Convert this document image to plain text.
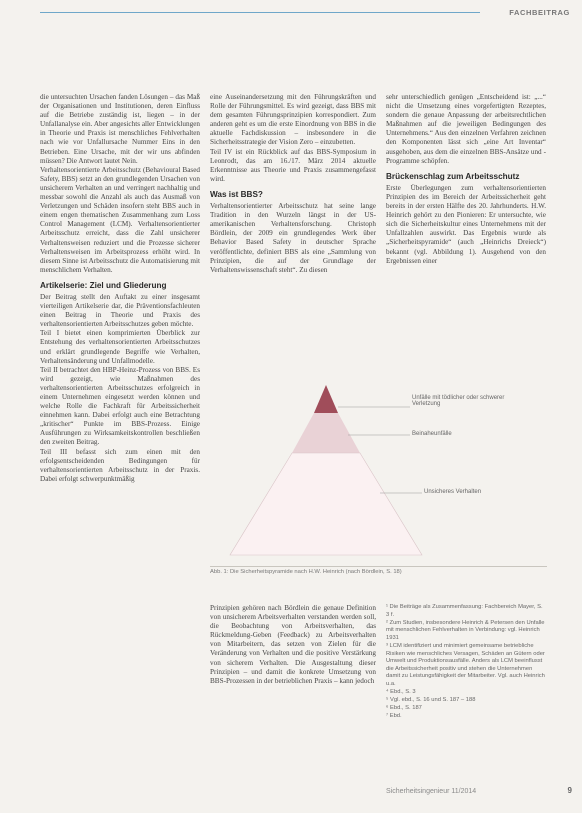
FACHBEITRAG

die untersuchten Ursachen fanden Lösungen – das Maß der Organisationen und Institutionen, deren Einfluss auf die Betriebe zuständig ist, liegen – in der Unfallanalyse ein. Aber angesichts aller Entwicklungen in Theorie und Praxis ist menschliches Fehlverhalten nach wie vor Unfallursache Nummer Eins in den Betrieben. Eine Ursache, mit der wir uns abfinden müssen? Die Antwort lautet Nein.

Verhaltensorientierte Arbeitsschutz (Behavioural Based Safety, BBS) setzt an den grundlegenden Ursachen von unsicherem Verhalten an und verringert nachhaltig und messbar sowohl die Anzahl als auch das Ausmaß von Verletzungen und Schäden insofern steht BBS auch in einem engen thematischen Zusammenhang zum Loss Control Management (LCM). Verhaltensorientierter Arbeitsschutz erreicht, dass die Zahl unsicherer Verhaltensweisen reduziert und die Prozesse sicherer Verhaltensweisen im Arbeitsprozess erhöht wird. In diesem Sinne ist Arbeitsschutz die Automatisierung mit menschlichem Verhalten.

Artikelserie: Ziel und Gliederung

Der Beitrag stellt den Auftakt zu einer insgesamt vierteiligen Artikelserie dar, die Präventionsfachleuten einen Beitrag in Theorie und Praxis des verhaltensorientierten Arbeitsschutzes geben möchte.

Teil I bietet einen komprimierten Überblick zur Entstehung des verhaltensorientierten Arbeitsschutzes und erklärt grundlegende Begriffe wie Verhalten, Verhaltensänderung und Unfallmodelle.

Teil II betrachtet den HBP-Heinz-Prozess von BBS. Es wird gezeigt, wie Maßnahmen des verhaltensorientierten Arbeitsschutzes erfolgreich in einem Unternehmen eingesetzt werden können und welche Rolle die Fachkraft für Arbeitssicherheit einnehmen kann. Dabei erfolgt auch eine Betrachtung „kritischer“ Punkte im BBS-Prozess. Einige Ausführungen zu Wirksamkeitskontrollen beschließen den zweiten Beitrag.

Teil III befasst sich zum einen mit den erfolgsentscheidenden Bedingungen für verhaltensorientierten Arbeitsschutz in der Praxis. Dabei erfolgt schwerpunktmäßig

eine Auseinandersetzung mit den Führungskräften und Rolle der Führungsmittel. Es wird gezeigt, dass BBS mit dem gesamten Führungsprinzipien korrespondiert. Zum anderen geht es um die erste Einordnung von BBS in die aktuelle Fachdiskussion – insbesondere in die Sicherheitsstrategie der Vision Zero – einzubetten.

Teil IV ist ein Rückblick auf das BBS-Symposium in Leonrodt, das am 16./17. März 2014 aktuelle Erkenntnisse aus Theorie und Praxis zusammengefasst wird.

Was ist BBS?

Verhaltensorientierter Arbeitsschutz hat seine lange Tradition in den Wurzeln längst in der US-amerikanischen Verhaltensforschung. Christoph Bördlein, der 2009 ein grundlegendes Werk über Behavior Based Safety in deutscher Sprache veröffentlichte, definiert BBS als eine „Sammlung von Prinzipien, die auf der Grundlage der Verhaltenswissenschaft steht“. Zu diesen

sehr unterschiedlich genügen „Entscheidend ist: „...“ nicht die Umsetzung eines vorgefertigten Rezeptes, sondern die genaue Anpassung der arbeitsrechtlichen Maßnahmen auf die jeweiligen Bedingungen des Unternehmens.“ Aus den einzelnen Verfahren zeichnen den Komponenten lässt sich „eine Art Inventar“ ausgehoben, aus dem die einzelnen BBS-Ansätze und -Programme schöpfen.

Brückenschlag zum Arbeitsschutz

Erste Überlegungen zum verhaltensorientierten Prinzipien des im Bereich der Arbeitssicherheit geht bereits in der ersten Hälfte des 20. Jahrhunderts. H.W. Heinrich gehört zu den Pionieren: Er untersuchte, wie sich die Sicherheitskultur eines Unternehmens mit der Unfallzahlen auswirkt. Das Ergebnis wurde als „Sicherheitspyramide“ (auch „Heinrichs Dreieck“) bekannt (vgl. Abbildung 1). Ausgehend von den Ergebnissen einer

Unfälle mit tödlicher oder schwerer Verletzung
Beinaheunfälle
Unsicheres Verhalten
Abb. 1: Die Sicherheitspyramide nach H.W. Heinrich (nach Bördlein, S. 18)

Prinzipien gehören nach Bördlein die genaue Definition von unsicherem Arbeitsverhalten verstanden werden soll, die Beobachtung von Arbeitsverhalten, das Rückmeldung-Geben (Feedback) zu Arbeitsverhalten von Mitarbeitern, das setzen von Zielen für die Veränderung von Verhalten und die positive Verstärkung von sicherem Verhalten. Die Ausgestaltung dieser Prinzipien – und damit die konkrete Umsetzung von BBS-Prozessen in der betrieblichen Praxis – kann jedoch

¹ Die Beiträge als Zusammenfassung: Fachbereich Mayer, S. 3 f.
² Zum Studien, insbesondere Heinrich & Petersen den Unfalle mit menschlichen Fehlverhalten in Verbindung: vgl. Heinrich 1931
³ LCM identifiziert und minimiert gemeinsame betriebliche Risiken wie menschliches Versagen, Schäden an Gütern oder Umwelt und Produktionsausfälle. Anders als LCM beeinflusst die Arbeitssicherheit positiv und stehen die Unternehmen damit zu Leistungsfähigkeit der Mitarbeiter. Vgl. auch Heinrich u.a.
⁴ Ebd., S. 3
⁵ Vgl. ebd., S. 16 und S. 187 – 188
⁶ Ebd., S. 187
⁷ Ebd.
Sicherheitsingenieur 11/2014	9
